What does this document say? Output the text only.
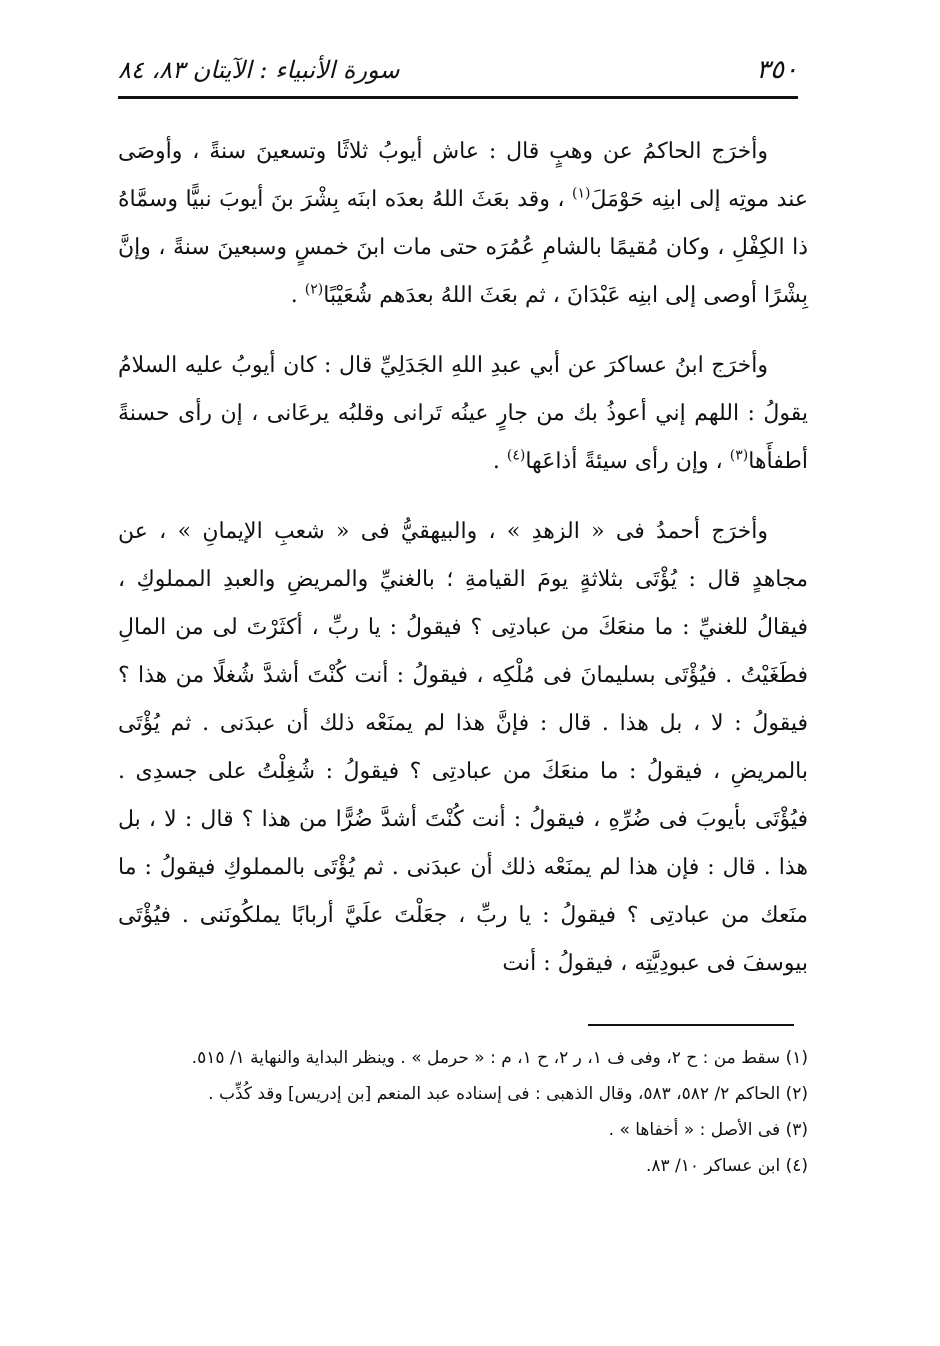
٣٥٠
سورة الأنبياء : الآيتان ٨٣، ٨٤

وأخرَج الحاكمُ عن وهبٍ قال : عاش أيوبُ ثلاثًا وتسعينَ سنةً ، وأوصَى عند موتِه إلى ابنِه حَوْمَلَ$^{(١)}$ ، وقد بعَثَ اللهُ بعدَه ابنَه بِشْرَ بنَ أيوبَ نبيًّا وسمَّاهُ ذا الكِفْلِ ، وكان مُقيمًا بالشامِ عُمُرَه حتى مات ابنَ خمسٍ وسبعينَ سنةً ، وإنَّ بِشْرًا أوصى إلى ابنِه عَبْدَانَ ، ثم بعَثَ اللهُ بعدَهم شُعَيْبًا$^{(٢)}$ .

وأخرَج ابنُ عساكرَ عن أبي عبدِ اللهِ الجَدَلِيِّ قال : كان أيوبُ عليه السلامُ يقولُ : اللهم إني أعوذُ بك من جارٍ عينُه تَرانى وقلبُه يرعَانى ، إن رأى حسنةً أطفأَها$^{(٣)}$ ، وإن رأى سيئةً أذاعَها$^{(٤)}$ .

وأخرَج أحمدُ فى « الزهدِ » ، والبيهقيُّ فى « شعبِ الإيمانِ » ، عن مجاهدٍ قال : يُؤْتَى بثلاثةٍ يومَ القيامةِ ؛ بالغنيِّ والمريضِ والعبدِ المملوكِ ، فيقالُ للغنيِّ : ما منعَكَ من عبادتِى ؟ فيقولُ : يا ربِّ ، أكثَرْتَ لى من المالِ فطَغَيْتُ . فيُؤْتَى بسليمانَ فى مُلْكِه ، فيقولُ : أنت كُنْتَ أشدَّ شُغلًا من هذا ؟ فيقولُ : لا ، بل هذا . قال : فإنَّ هذا لم يمنَعْه ذلك أن عبدَنى . ثم يُؤْتَى بالمريضِ ، فيقولُ : ما منعَكَ من عبادتِى ؟ فيقولُ : شُغِلْتُ على جسدِى . فيُؤْتَى بأيوبَ فى ضُرِّهِ ، فيقولُ : أنت كُنْتَ أشدَّ ضُرًّا من هذا ؟ قال : لا ، بل هذا . قال : فإن هذا لم يمنَعْه ذلك أن عبدَنى . ثم يُؤْتَى بالمملوكِ فيقولُ : ما منَعك من عبادتِى ؟ فيقولُ : يا ربِّ ، جعَلْتَ علَيَّ أربابًا يملكُونَنى . فيُؤْتَى بيوسفَ فى عبودِيَّتِه ، فيقولُ : أنت

(١) سقط من : ح ٢، وفى ف ١، ر ٢، ح ١، م : « حرمل » . وينظر البداية والنهاية ١/ ٥١٥.

(٢) الحاكم ٢/ ٥٨٢، ٥٨٣، وقال الذهبى : فى إسناده عبد المنعم [بن إدريس] وقد كُذِّب .

(٣) فى الأصل : « أخفاها » .

(٤) ابن عساكر ١٠/ ٨٣.
